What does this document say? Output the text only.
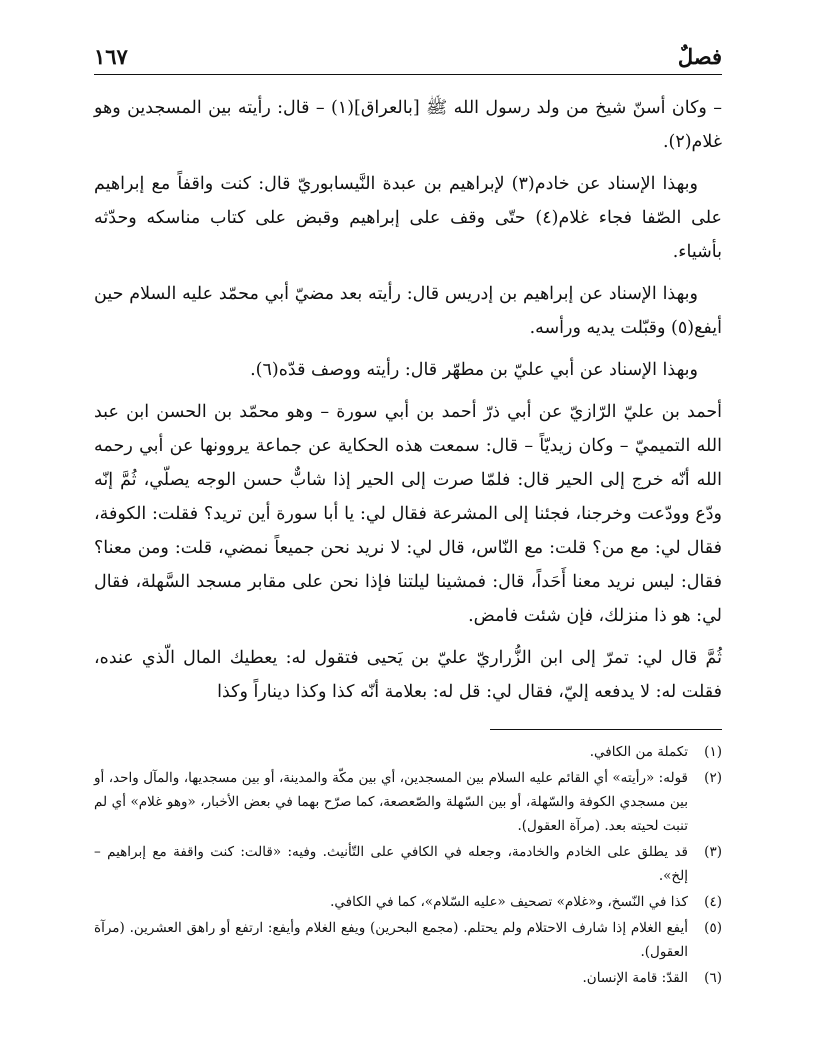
فصلٌ
١٦٧

– وكان أسنّ شيخ من ولد رسول الله ﷺ [بالعراق](١) – قال: رأيته بين المسجدين وهو غلام(٢).

وبهذا الإسناد عن خادم(٣) لإبراهيم بن عبدة النَّيسابوريّ قال: كنت واقفاً مع إبراهيم على الصّفا فجاء غلام(٤) حتّى وقف على إبراهيم وقبض على كتاب مناسكه وحدّثه بأشياء.

وبهذا الإسناد عن إبراهيم بن إدريس قال: رأيته بعد مضيّ أبي محمّد عليه السلام حين أيفع(٥) وقبّلت يديه ورأسه.

وبهذا الإسناد عن أبي عليّ بن مطهّر قال: رأيته ووصف قدّه(٦).

أحمد بن عليّ الرّازيّ عن أبي ذرّ أحمد بن أبي سورة – وهو محمّد بن الحسن ابن عبد الله التميميّ – وكان زيديّاً – قال: سمعت هذه الحكاية عن جماعة يروونها عن أبي رحمه الله أنّه خرج إلى الحير قال: فلمّا صرت إلى الحير إذا شابٌّ حسن الوجه يصلّي، ثُمَّ إنّه ودّع وودّعت وخرجنا، فجئنا إلى المشرعة فقال لي: يا أبا سورة أين تريد؟ فقلت: الكوفة، فقال لي: مع من؟ قلت: مع النّاس، قال لي: لا نريد نحن جميعاً نمضي، قلت: ومن معنا؟ فقال: ليس نريد معنا أَحَداً، قال: فمشينا ليلتنا فإذا نحن على مقابر مسجد السَّهلة، فقال لي: هو ذا منزلك، فإن شئت فامض.

ثُمَّ قال لي: تمرّ إلى ابن الزُّراريّ عليّ بن يَحيى فتقول له: يعطيك المال الّذي عنده، فقلت له: لا يدفعه إليّ، فقال لي: قل له: بعلامة أنّه كذا وكذا ديناراً وكذا

(١)
تكملة من الكافي.
(٢)
قوله: «رأيته» أي القائم عليه السلام بين المسجدين، أي بين مكّة والمدينة، أو بين مسجديها، والمآل واحد، أو بين مسجدي الكوفة والسّهلة، أو بين السّهلة والصّعصعة، كما صرّح بهما في بعض الأخبار، «وهو غلام» أي لم تنبت لحيته بعد. (مرآة العقول).
(٣)
قد يطلق على الخادم والخادمة، وجعله في الكافي على التّأنيث. وفيه: «قالت: كنت واقفة مع إبراهيم – إلخ».
(٤)
كذا في النّسخ، و«غلام» تصحيف «عليه السّلام»، كما في الكافي.
(٥)
أيفع الغلام إذا شارف الاحتلام ولم يحتلم. (مجمع البحرين) ويفع الغلام وأيفع: ارتفع أو راهق العشرين. (مرآة العقول).
(٦)
القدّ: قامة الإنسان.
